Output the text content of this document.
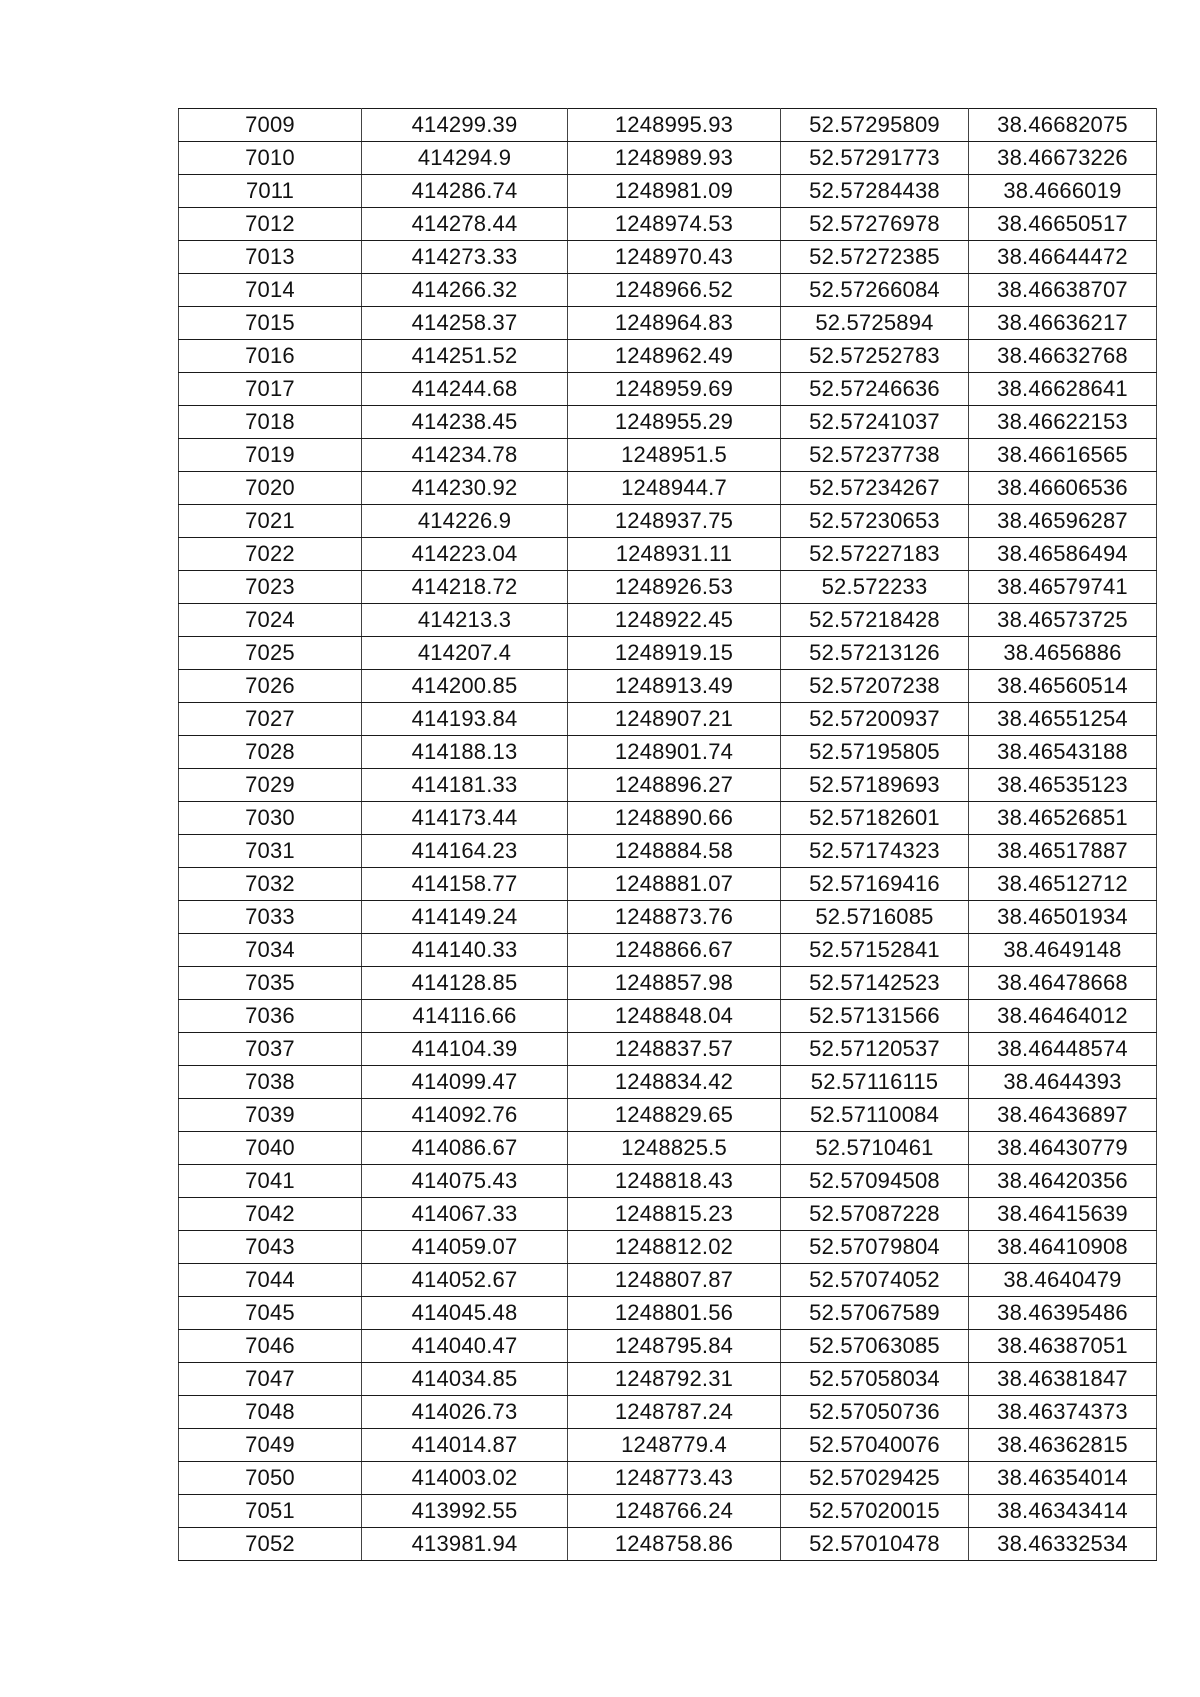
7009	414299.39	1248995.93	52.57295809	38.46682075
7010	414294.9	1248989.93	52.57291773	38.46673226
7011	414286.74	1248981.09	52.57284438	38.4666019
7012	414278.44	1248974.53	52.57276978	38.46650517
7013	414273.33	1248970.43	52.57272385	38.46644472
7014	414266.32	1248966.52	52.57266084	38.46638707
7015	414258.37	1248964.83	52.5725894	38.46636217
7016	414251.52	1248962.49	52.57252783	38.46632768
7017	414244.68	1248959.69	52.57246636	38.46628641
7018	414238.45	1248955.29	52.57241037	38.46622153
7019	414234.78	1248951.5	52.57237738	38.46616565
7020	414230.92	1248944.7	52.57234267	38.46606536
7021	414226.9	1248937.75	52.57230653	38.46596287
7022	414223.04	1248931.11	52.57227183	38.46586494
7023	414218.72	1248926.53	52.572233	38.46579741
7024	414213.3	1248922.45	52.57218428	38.46573725
7025	414207.4	1248919.15	52.57213126	38.4656886
7026	414200.85	1248913.49	52.57207238	38.46560514
7027	414193.84	1248907.21	52.57200937	38.46551254
7028	414188.13	1248901.74	52.57195805	38.46543188
7029	414181.33	1248896.27	52.57189693	38.46535123
7030	414173.44	1248890.66	52.57182601	38.46526851
7031	414164.23	1248884.58	52.57174323	38.46517887
7032	414158.77	1248881.07	52.57169416	38.46512712
7033	414149.24	1248873.76	52.5716085	38.46501934
7034	414140.33	1248866.67	52.57152841	38.4649148
7035	414128.85	1248857.98	52.57142523	38.46478668
7036	414116.66	1248848.04	52.57131566	38.46464012
7037	414104.39	1248837.57	52.57120537	38.46448574
7038	414099.47	1248834.42	52.57116115	38.4644393
7039	414092.76	1248829.65	52.57110084	38.46436897
7040	414086.67	1248825.5	52.5710461	38.46430779
7041	414075.43	1248818.43	52.57094508	38.46420356
7042	414067.33	1248815.23	52.57087228	38.46415639
7043	414059.07	1248812.02	52.57079804	38.46410908
7044	414052.67	1248807.87	52.57074052	38.4640479
7045	414045.48	1248801.56	52.57067589	38.46395486
7046	414040.47	1248795.84	52.57063085	38.46387051
7047	414034.85	1248792.31	52.57058034	38.46381847
7048	414026.73	1248787.24	52.57050736	38.46374373
7049	414014.87	1248779.4	52.57040076	38.46362815
7050	414003.02	1248773.43	52.57029425	38.46354014
7051	413992.55	1248766.24	52.57020015	38.46343414
7052	413981.94	1248758.86	52.57010478	38.46332534
